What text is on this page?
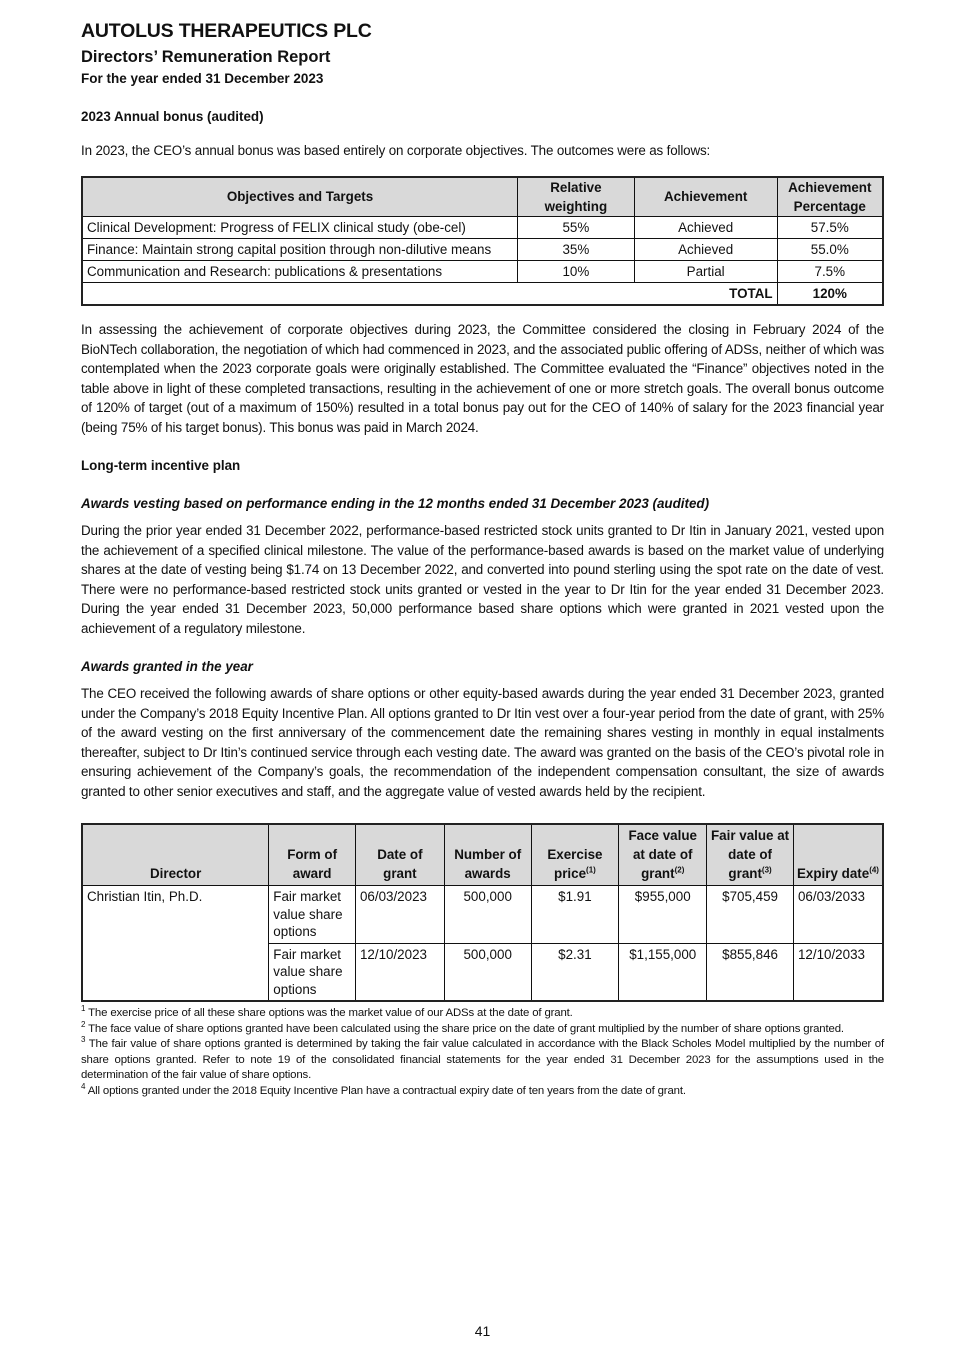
AUTOLUS THERAPEUTICS PLC
Directors’ Remuneration Report
For the year ended 31 December 2023
2023 Annual bonus (audited)

In 2023, the CEO’s annual bonus was based entirely on corporate objectives. The outcomes were as follows:

Objectives and Targets	Relative weighting	Achievement	Achievement Percentage
Clinical Development: Progress of FELIX clinical study (obe-cel)	55%	Achieved	57.5%
Finance: Maintain strong capital position through non-dilutive means	35%	Achieved	55.0%
Communication and Research: publications & presentations	10%	Partial	7.5%
TOTAL			120%

In assessing the achievement of corporate objectives during 2023, the Committee considered the closing in February 2024 of the BioNTech collaboration, the negotiation of which had commenced in 2023, and the associated public offering of ADSs, neither of which was contemplated when the 2023 corporate goals were originally established. The Committee evaluated the “Finance” objectives noted in the table above in light of these completed transactions, resulting in the achievement of one or more stretch goals. The overall bonus outcome of 120% of target (out of a maximum of 150%) resulted in a total bonus pay out for the CEO of 140% of salary for the 2023 financial year (being 75% of his target bonus). This bonus was paid in March 2024.

Long-term incentive plan
Awards vesting based on performance ending in the 12 months ended 31 December 2023 (audited)

During the prior year ended 31 December 2022, performance-based restricted stock units granted to Dr Itin in January 2021, vested upon the achievement of a specified clinical milestone. The value of the performance-based awards is based on the market value of underlying shares at the date of vesting being $1.74 on 13 December 2022, and converted into pound sterling using the spot rate on the date of vest. There were no performance-based restricted stock units granted or vested in the year to Dr Itin for the year ended 31 December 2023. During the year ended 31 December 2023, 50,000 performance based share options which were granted in 2021 vested upon the achievement of a regulatory milestone.

Awards granted in the year

The CEO received the following awards of share options or other equity-based awards during the year ended 31 December 2023, granted under the Company’s 2018 Equity Incentive Plan. All options granted to Dr Itin vest over a four-year period from the date of grant, with 25% of the award vesting on the first anniversary of the commencement date the remaining shares vesting in monthly in equal instalments thereafter, subject to Dr Itin’s continued service through each vesting date. The award was granted on the basis of the CEO’s pivotal role in ensuring achievement of the Company’s goals, the recommendation of the independent compensation consultant, the size of awards granted to other senior executives and staff, and the aggregate value of vested awards held by the recipient.

Director	Form of award	Date of grant	Number of awards	Exercise price$^{(1)}$	Face value at date of grant$^{(2)}$	Fair value at date of grant$^{(3)}$	Expiry date$^{(4)}$
Christian Itin, Ph.D.	Fair market value share options	06/03/2023	500,000	$1.91	$955,000	$705,459	06/03/2033
	Fair market value share options	12/10/2023	500,000	$2.31	$1,155,000	$855,846	12/10/2033
$^1$ The exercise price of all these share options was the market value of our ADSs at the date of grant.
$^2$ The face value of share options granted have been calculated using the share price on the date of grant multiplied by the number of share options granted.
$^3$ The fair value of share options granted is determined by taking the fair value calculated in accordance with the Black Scholes Model multiplied by the number of share options granted. Refer to note 19 of the consolidated financial statements for the year ended 31 December 2023 for the assumptions used in the determination of the fair value of share options.
$^4$ All options granted under the 2018 Equity Incentive Plan have a contractual expiry date of ten years from the date of grant.
41
